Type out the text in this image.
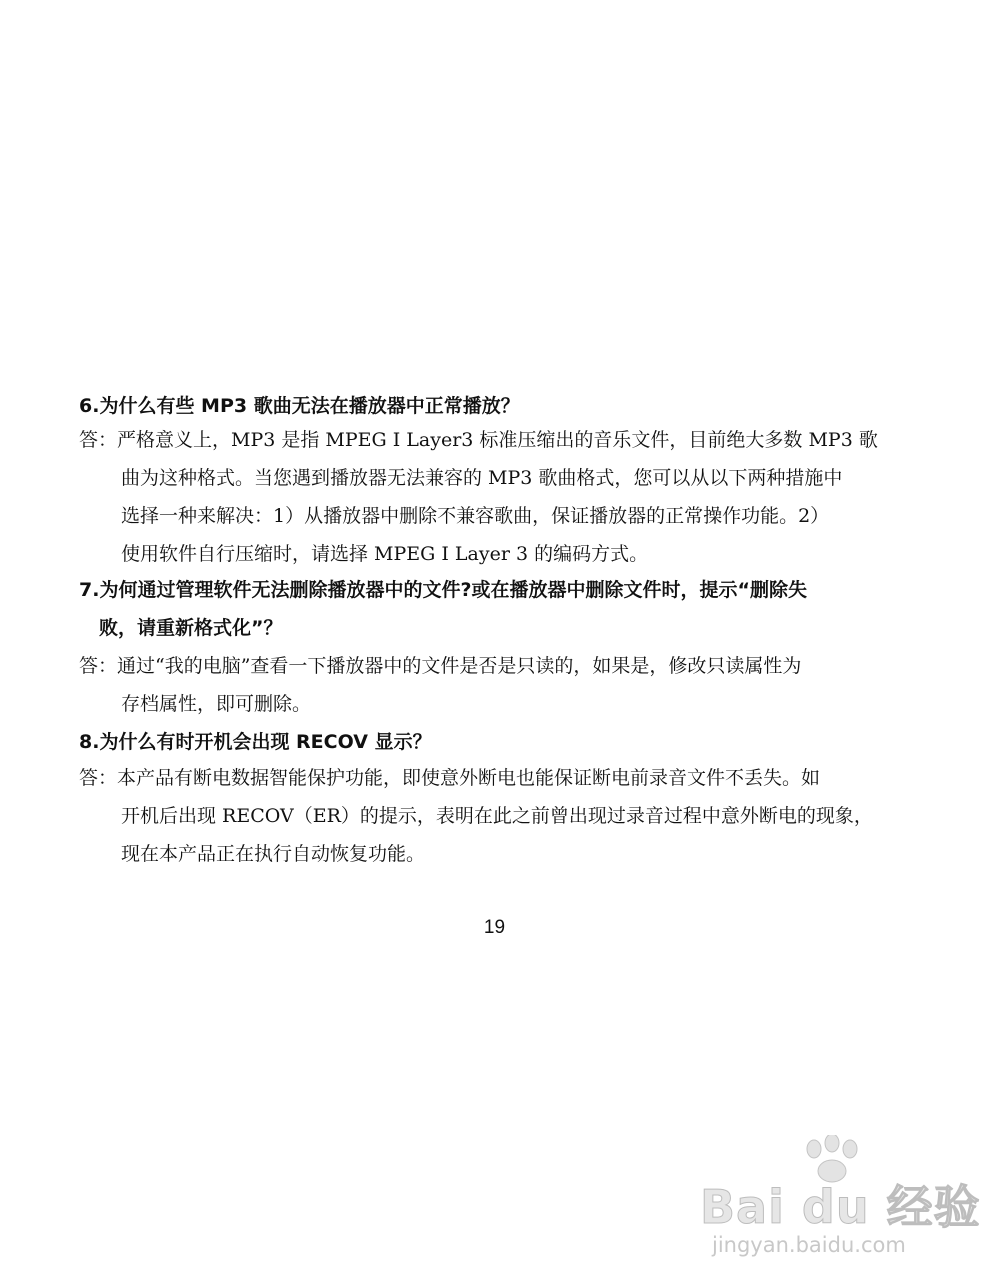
6.为什么有些 MP3 歌曲无法在播放器中正常播放？
答：严格意义上，MP3 是指 MPEG I Layer3 标准压缩出的音乐文件，目前绝大多数 MP3 歌
曲为这种格式。当您遇到播放器无法兼容的 MP3 歌曲格式，您可以从以下两种措施中
选择一种来解决：1）从播放器中删除不兼容歌曲，保证播放器的正常操作功能。2）
使用软件自行压缩时，请选择 MPEG I Layer 3 的编码方式。
7.为何通过管理软件无法删除播放器中的文件?或在播放器中删除文件时，提示“删除失
败，请重新格式化”？
答：通过“我的电脑”查看一下播放器中的文件是否是只读的，如果是，修改只读属性为
存档属性，即可删除。
8.为什么有时开机会出现 RECOV 显示？
答：本产品有断电数据智能保护功能，即使意外断电也能保证断电前录音文件不丢失。如
开机后出现 RECOV（ER）的提示，表明在此之前曾出现过录音过程中意外断电的现象，
现在本产品正在执行自动恢复功能。
19
Bai du 经验
jingyan.baidu.com
